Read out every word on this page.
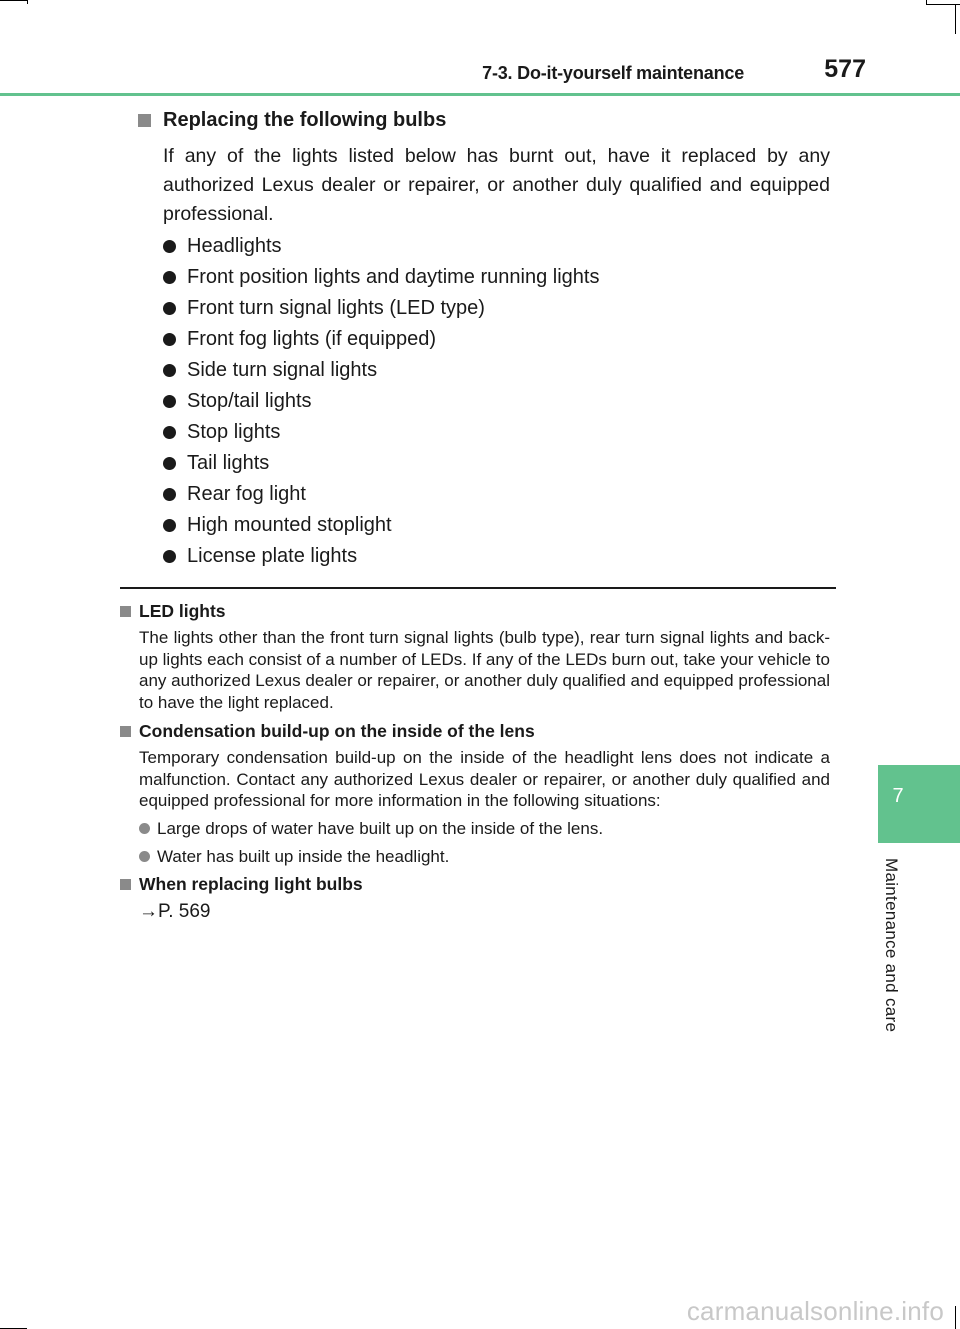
7-3. Do-it-yourself maintenance	577
7
Maintenance and care
Replacing the following bulbs

If any of the lights listed below has burnt out, have it replaced by any authorized Lexus dealer or repairer, or another duly qualified and equipped professional.

Headlights
Front position lights and daytime running lights
Front turn signal lights (LED type)
Front fog lights (if equipped)
Side turn signal lights
Stop/tail lights
Stop lights
Tail lights
Rear fog light
High mounted stoplight
License plate lights
LED lights

The lights other than the front turn signal lights (bulb type), rear turn signal lights and back-up lights each consist of a number of LEDs. If any of the LEDs burn out, take your vehicle to any authorized Lexus dealer or repairer, or another duly qualified and equipped professional to have the light replaced.

Condensation build-up on the inside of the lens

Temporary condensation build-up on the inside of the headlight lens does not indicate a malfunction. Contact any authorized Lexus dealer or repairer, or another duly qualified and equipped professional for more information in the following situations:

Large drops of water have built up on the inside of the lens.
Water has built up inside the headlight.
When replacing light bulbs
→P. 569
carmanualsonline.info
